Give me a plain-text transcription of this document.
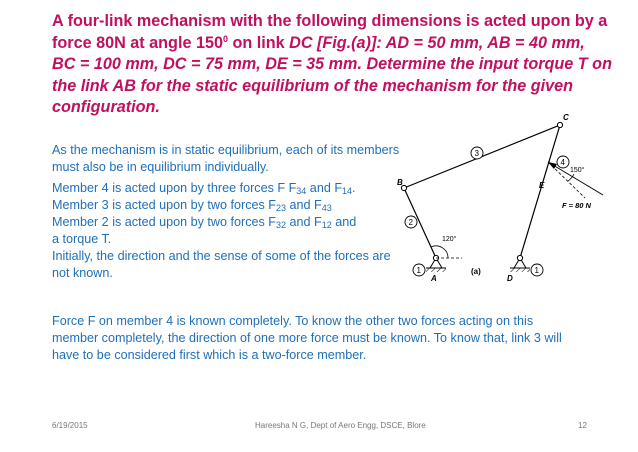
A four-link mechanism with the following dimensions is acted upon by a force 80N at angle $150^0$ on link DC [Fig.(a)]: AD = 50 mm, AB = 40 mm, BC = 100 mm, DC = 75 mm, DE = 35 mm. Determine the input torque T on the link AB for the static equilibrium of the mechanism for the given configuration.

As the mechanism is in static equilibrium, each of its members must also be in equilibrium individually.

Member 4 is acted upon by three forces F $F_{34}$ and $F_{14}$.
Member 3 is acted upon by two forces $F_{23}$ and $F_{43}$
Member 2 is acted upon by two forces $F_{32}$ and $F_{12}$ and
a torque T.

Initially, the direction and the sense of some of the forces are not known.

Force F on member 4 is known completely. To know the other two forces acting on this member completely, the direction of one more force must be known. To know that, link 3 will have to be considered first which is a two-force member.
C
B
A	D
E
3
4
2
1	1
120°
150°
F = 80 N
(a)
6/19/2015	Hareesha N G, Dept of Aero Engg, DSCE, Blore	12
